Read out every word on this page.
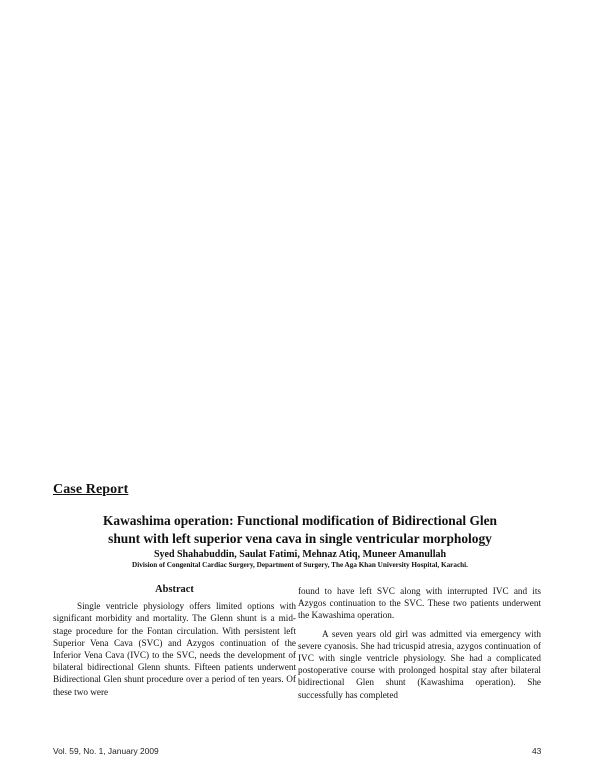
Case Report
Kawashima operation: Functional modification of Bidirectional Glen
shunt with left superior vena cava in single ventricular morphology
Syed Shahabuddin, Saulat Fatimi, Mehnaz Atiq, Muneer Amanullah
Division of Congenital Cardiac Surgery, Department of Surgery, The Aga Khan University Hospital, Karachi.
Abstract

Single ventricle physiology offers limited options with significant morbidity and mortality. The Glenn shunt is a mid-stage procedure for the Fontan circulation. With persistent left Superior Vena Cava (SVC) and Azygos continuation of the Inferior Vena Cava (IVC) to the SVC, needs the development of bilateral bidirectional Glenn shunts. Fifteen patients underwent Bidirectional Glen shunt procedure over a period of ten years. Of these two were

found to have left SVC along with interrupted IVC and its Azygos continuation to the SVC. These two patients underwent the Kawashima operation.

A seven years old girl was admitted via emergency with severe cyanosis. She had tricuspid atresia, azygos continuation of IVC with single ventricle physiology. She had a complicated postoperative course with prolonged hospital stay after bilateral bidirectional Glen shunt (Kawashima operation). She successfully has completed

Vol. 59, No. 1, January 2009	43
